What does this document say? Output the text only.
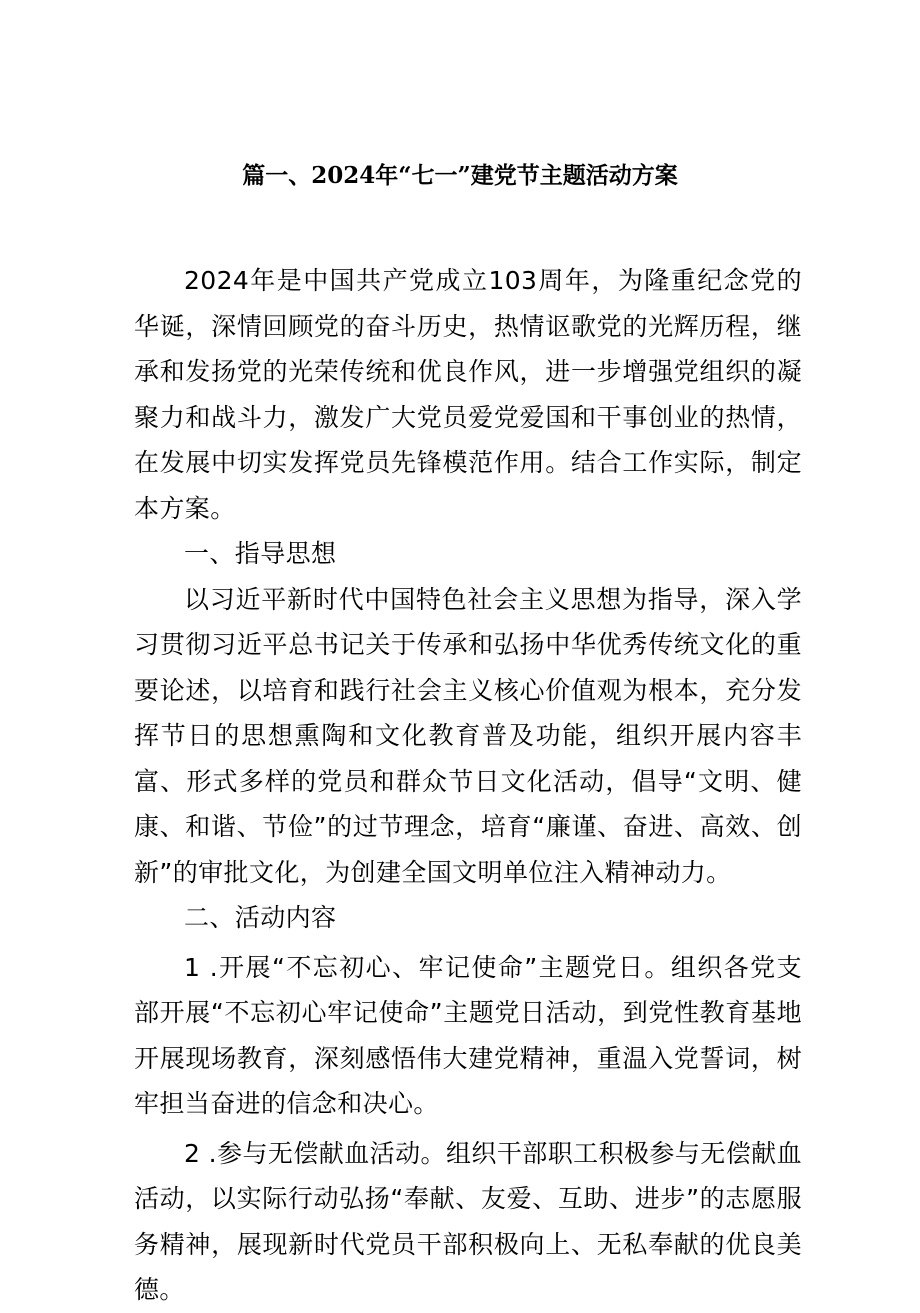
篇一、2024年“七一”建党节主题活动方案

2024年是中国共产党成立103周年，为隆重纪念党的华诞，深情回顾党的奋斗历史，热情讴歌党的光辉历程，继承和发扬党的光荣传统和优良作风，进一步增强党组织的凝聚力和战斗力，激发广大党员爱党爱国和干事创业的热情，在发展中切实发挥党员先锋模范作用。结合工作实际，制定本方案。

一、指导思想

以习近平新时代中国特色社会主义思想为指导，深入学习贯彻习近平总书记关于传承和弘扬中华优秀传统文化的重要论述，以培育和践行社会主义核心价值观为根本，充分发挥节日的思想熏陶和文化教育普及功能，组织开展内容丰富、形式多样的党员和群众节日文化活动，倡导“文明、健康、和谐、节俭”的过节理念，培育“廉谨、奋进、高效、创新”的审批文化，为创建全国文明单位注入精神动力。

二、活动内容

1 .开展“不忘初心、牢记使命”主题党日。组织各党支部开展“不忘初心牢记使命”主题党日活动，到党性教育基地开展现场教育，深刻感悟伟大建党精神，重温入党誓词，树牢担当奋进的信念和决心。

2 .参与无偿献血活动。组织干部职工积极参与无偿献血活动，以实际行动弘扬“奉献、友爱、互助、进步”的志愿服务精神，展现新时代党员干部积极向上、无私奉献的优良美德。
